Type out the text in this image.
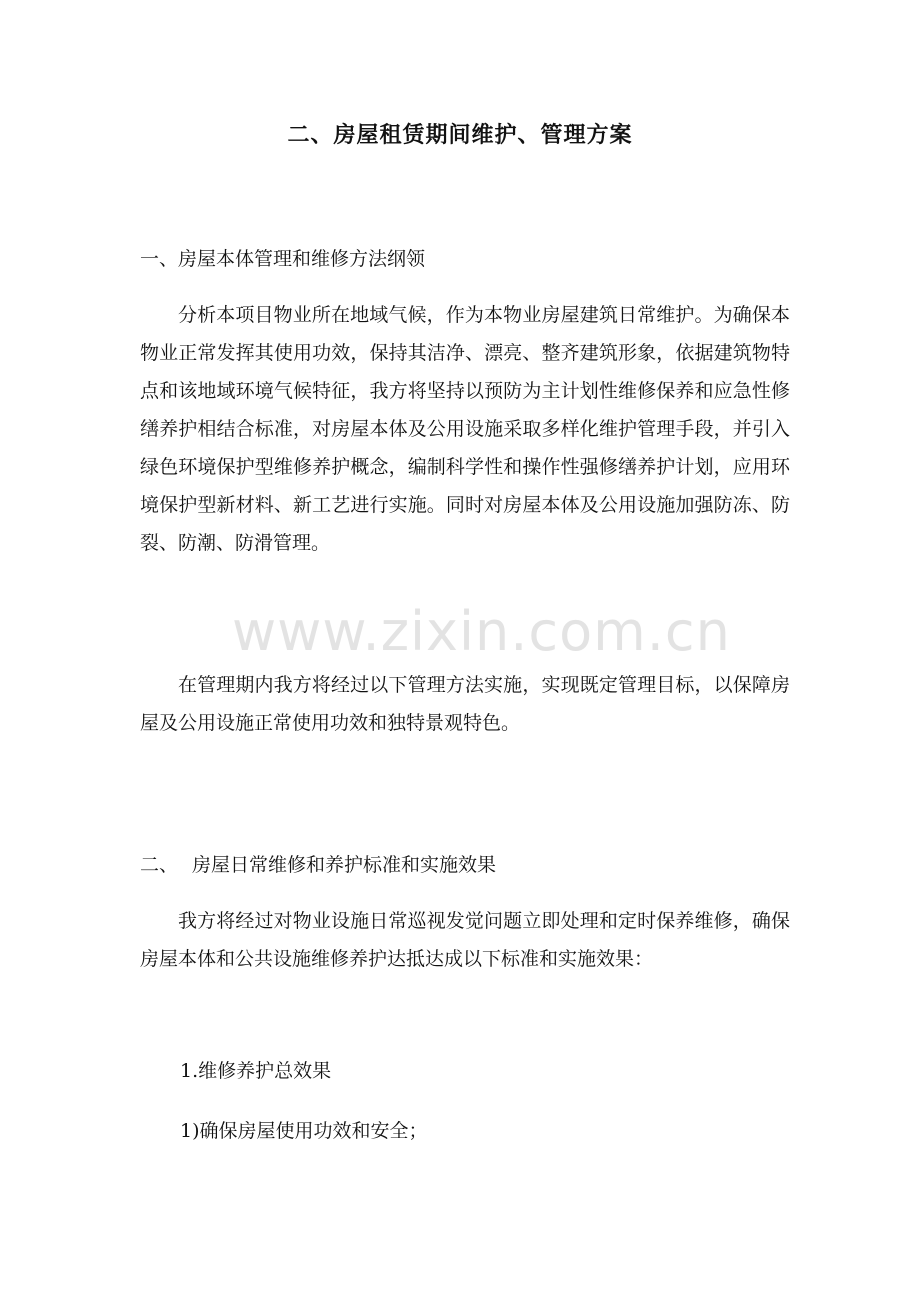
www.zixin.com.cn
二、房屋租赁期间维护、管理方案
一、房屋本体管理和维修方法纲领
分析本项目物业所在地域气候，作为本物业房屋建筑日常维护。为确保本物业正常发挥其使用功效，保持其洁净、漂亮、整齐建筑形象，依据建筑物特点和该地域环境气候特征，我方将坚持以预防为主计划性维修保养和应急性修缮养护相结合标准，对房屋本体及公用设施采取多样化维护管理手段，并引入绿色环境保护型维修养护概念，编制科学性和操作性强修缮养护计划，应用环境保护型新材料、新工艺进行实施。同时对房屋本体及公用设施加强防冻、防裂、防潮、防滑管理。
在管理期内我方将经过以下管理方法实施，实现既定管理目标，以保障房屋及公用设施正常使用功效和独特景观特色。
二、 房屋日常维修和养护标准和实施效果
我方将经过对物业设施日常巡视发觉问题立即处理和定时保养维修，确保房屋本体和公共设施维修养护达抵达成以下标准和实施效果：
1.维修养护总效果
1)确保房屋使用功效和安全；
